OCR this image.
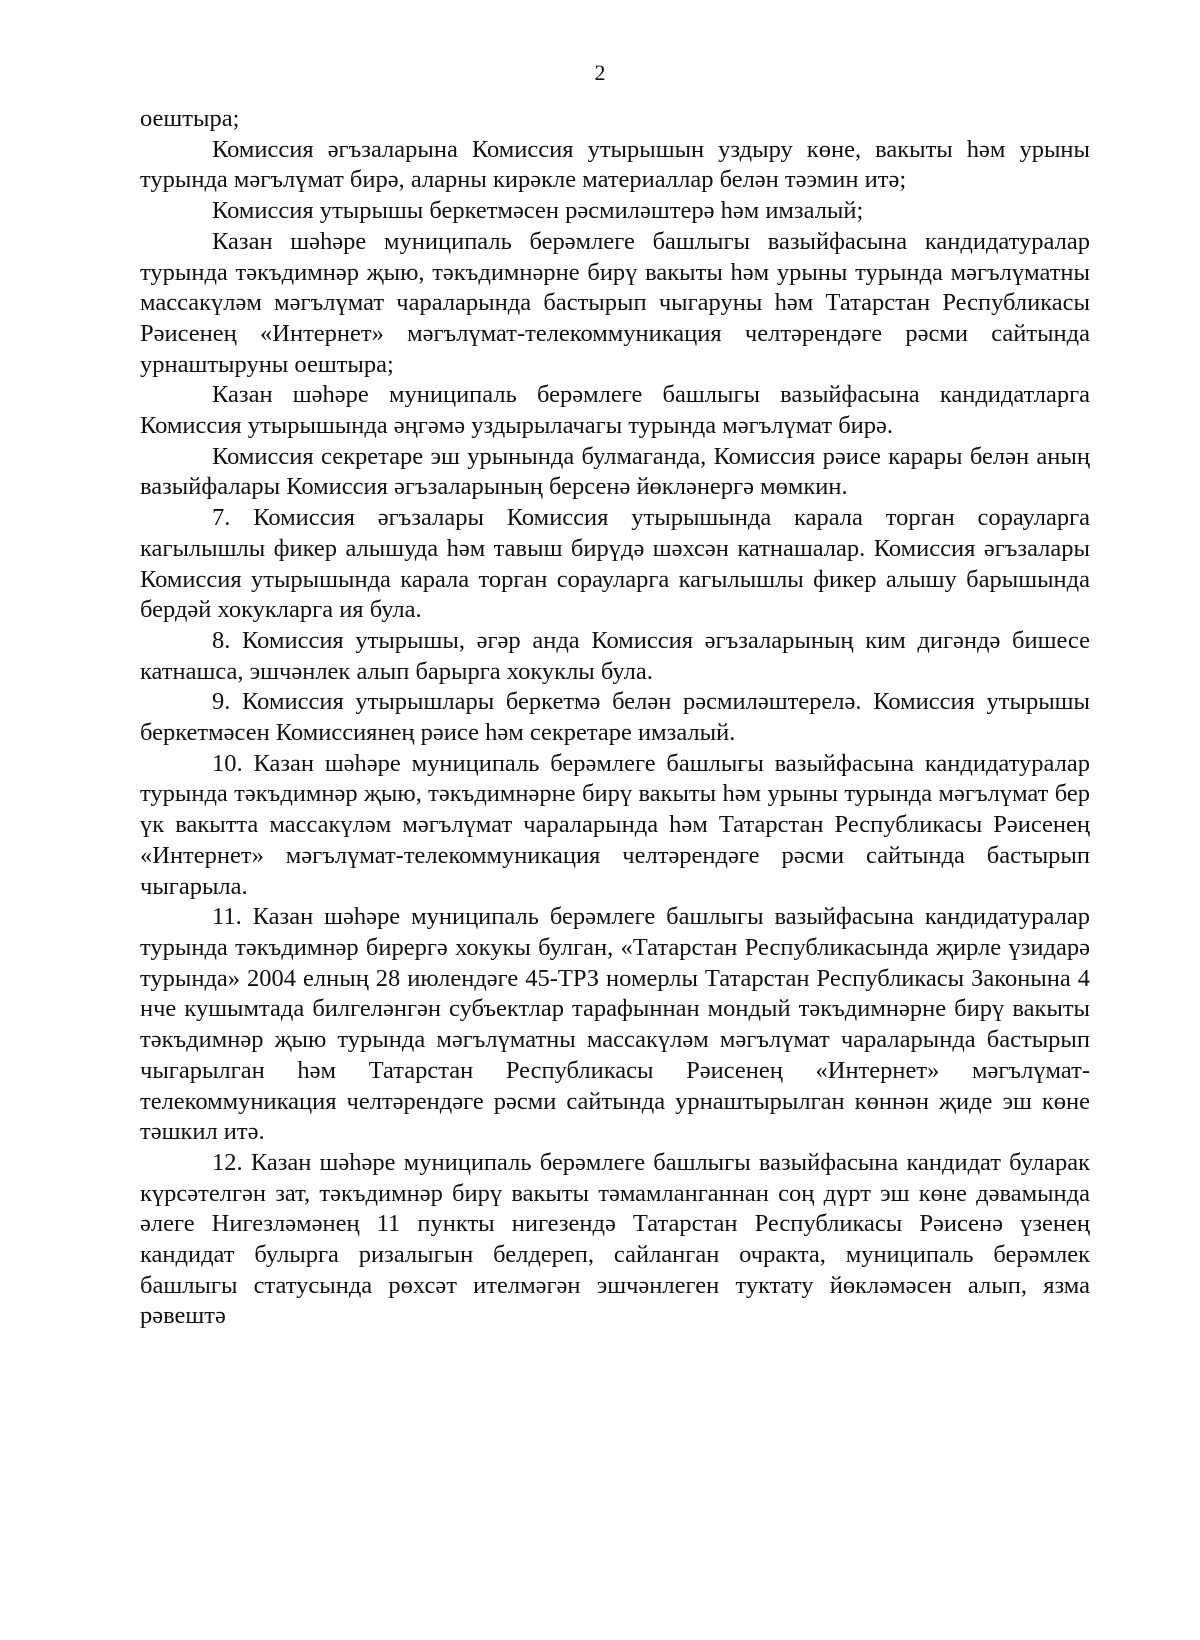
2

оештыра;

Комиссия әгъзаларына Комиссия утырышын уздыру көне, вакыты һәм урыны турында мәгълүмат бирә, аларны кирәкле материаллар белән тәэмин итә;

Комиссия утырышы беркетмәсен рәсмиләштерә һәм имзалый;

Казан шәһәре муниципаль берәмлеге башлыгы вазыйфасына кандидатуралар турында тәкъдимнәр җыю, тәкъдимнәрне бирү вакыты һәм урыны турында мәгълүматны массакүләм мәгълүмат чараларында бастырып чыгаруны һәм Татарстан Республикасы Рәисенең «Интернет» мәгълүмат-телекоммуникация челтәрендәге рәсми сайтында урнаштыруны оештыра;

Казан шәһәре муниципаль берәмлеге башлыгы вазыйфасына кандидатларга Комиссия утырышында әңгәмә уздырылачагы турында мәгълүмат бирә.

Комиссия секретаре эш урынында булмаганда, Комиссия рәисе карары белән аның вазыйфалары Комиссия әгъзаларының берсенә йөкләнергә мөмкин.

7. Комиссия әгъзалары Комиссия утырышында карала торган сорауларга кагылышлы фикер алышуда һәм тавыш бирүдә шәхсән катнашалар. Комиссия әгъзалары Комиссия утырышында карала торган сорауларга кагылышлы фикер алышу барышында бердәй хокукларга ия була.

8. Комиссия утырышы, әгәр анда Комиссия әгъзаларының ким дигәндә бишесе катнашса, эшчәнлек алып барырга хокуклы була.

9. Комиссия утырышлары беркетмә белән рәсмиләштерелә. Комиссия утырышы беркетмәсен Комиссиянең рәисе һәм секретаре имзалый.

10. Казан шәһәре муниципаль берәмлеге башлыгы вазыйфасына кандидатуралар турында тәкъдимнәр җыю, тәкъдимнәрне бирү вакыты һәм урыны турында мәгълүмат бер үк вакытта массакүләм мәгълүмат чараларында һәм Татарстан Республикасы Рәисенең «Интернет» мәгълүмат-телекоммуникация челтәрендәге рәсми сайтында бастырып чыгарыла.

11. Казан шәһәре муниципаль берәмлеге башлыгы вазыйфасына кандидатуралар турында тәкъдимнәр бирергә хокукы булган, «Татарстан Республикасында җирле үзидарә турында» 2004 елның 28 июлендәге 45-ТРЗ номерлы Татарстан Республикасы Законына 4 нче кушымтада билгеләнгән субъектлар тарафыннан мондый тәкъдимнәрне бирү вакыты тәкъдимнәр җыю турында мәгълүматны массакүләм мәгълүмат чараларында бастырып чыгарылган һәм Татарстан Республикасы Рәисенең «Интернет» мәгълүмат-телекоммуникация челтәрендәге рәсми сайтында урнаштырылган көннән җиде эш көне тәшкил итә.

12. Казан шәһәре муниципаль берәмлеге башлыгы вазыйфасына кандидат буларак күрсәтелгән зат, тәкъдимнәр бирү вакыты тәмамланганнан соң дүрт эш көне дәвамында әлеге Нигезләмәнең 11 пункты нигезендә Татарстан Республикасы Рәисенә үзенең кандидат булырга ризалыгын белдереп, сайланган очракта, муниципаль берәмлек башлыгы статусында рөхсәт ителмәгән эшчәнлеген туктату йөкләмәсен алып, язма рәвештә
